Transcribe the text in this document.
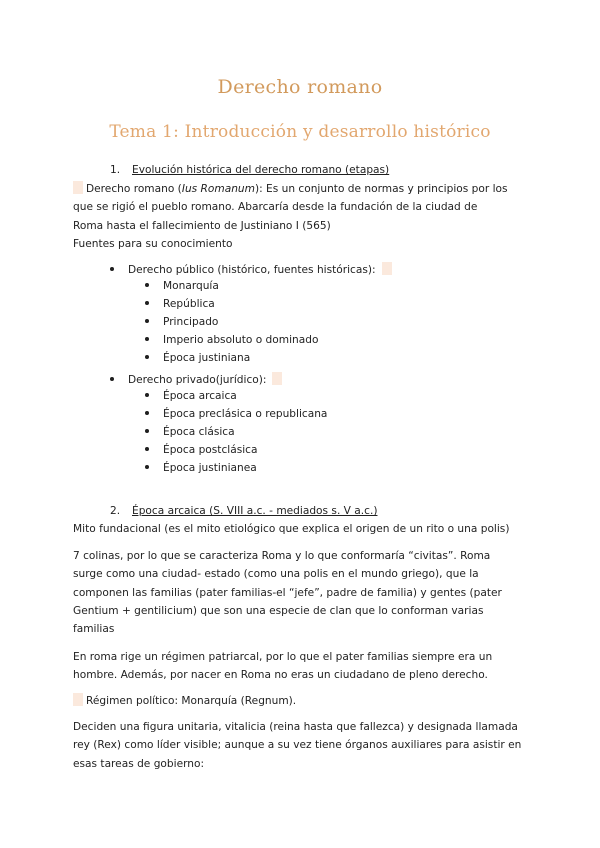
Derecho romano
Tema 1: Introducción y desarrollo histórico
1. Evolución histórica del derecho romano (etapas)
Derecho romano (Ius Romanum): Es un conjunto de normas y principios por los
que se rigió el pueblo romano. Abarcaría desde la fundación de la ciudad de
Roma hasta el fallecimiento de Justiniano I (565)
Fuentes para su conocimiento
Derecho público (histórico, fuentes históricas):
Monarquía
República
Principado
Imperio absoluto o dominado
Época justiniana
Derecho privado(jurídico):
Época arcaica
Época preclásica o republicana
Época clásica
Época postclásica
Época justinianea
2. Época arcaica (S. VIII a.c. - mediados s. V a.c.)
Mito fundacional (es el mito etiológico que explica el origen de un rito o una polis)
7 colinas, por lo que se caracteriza Roma y lo que conformaría “civitas”. Roma
surge como una ciudad- estado (como una polis en el mundo griego), que la
componen las familias (pater familias-el “jefe”, padre de familia) y gentes (pater
Gentium + gentilicium) que son una especie de clan que lo conforman varias
familias
En roma rige un régimen patriarcal, por lo que el pater familias siempre era un
hombre. Además, por nacer en Roma no eras un ciudadano de pleno derecho.
Régimen político: Monarquía (Regnum).
Deciden una figura unitaria, vitalicia (reina hasta que fallezca) y designada llamada
rey (Rex) como líder visible; aunque a su vez tiene órganos auxiliares para asistir en
esas tareas de gobierno:
